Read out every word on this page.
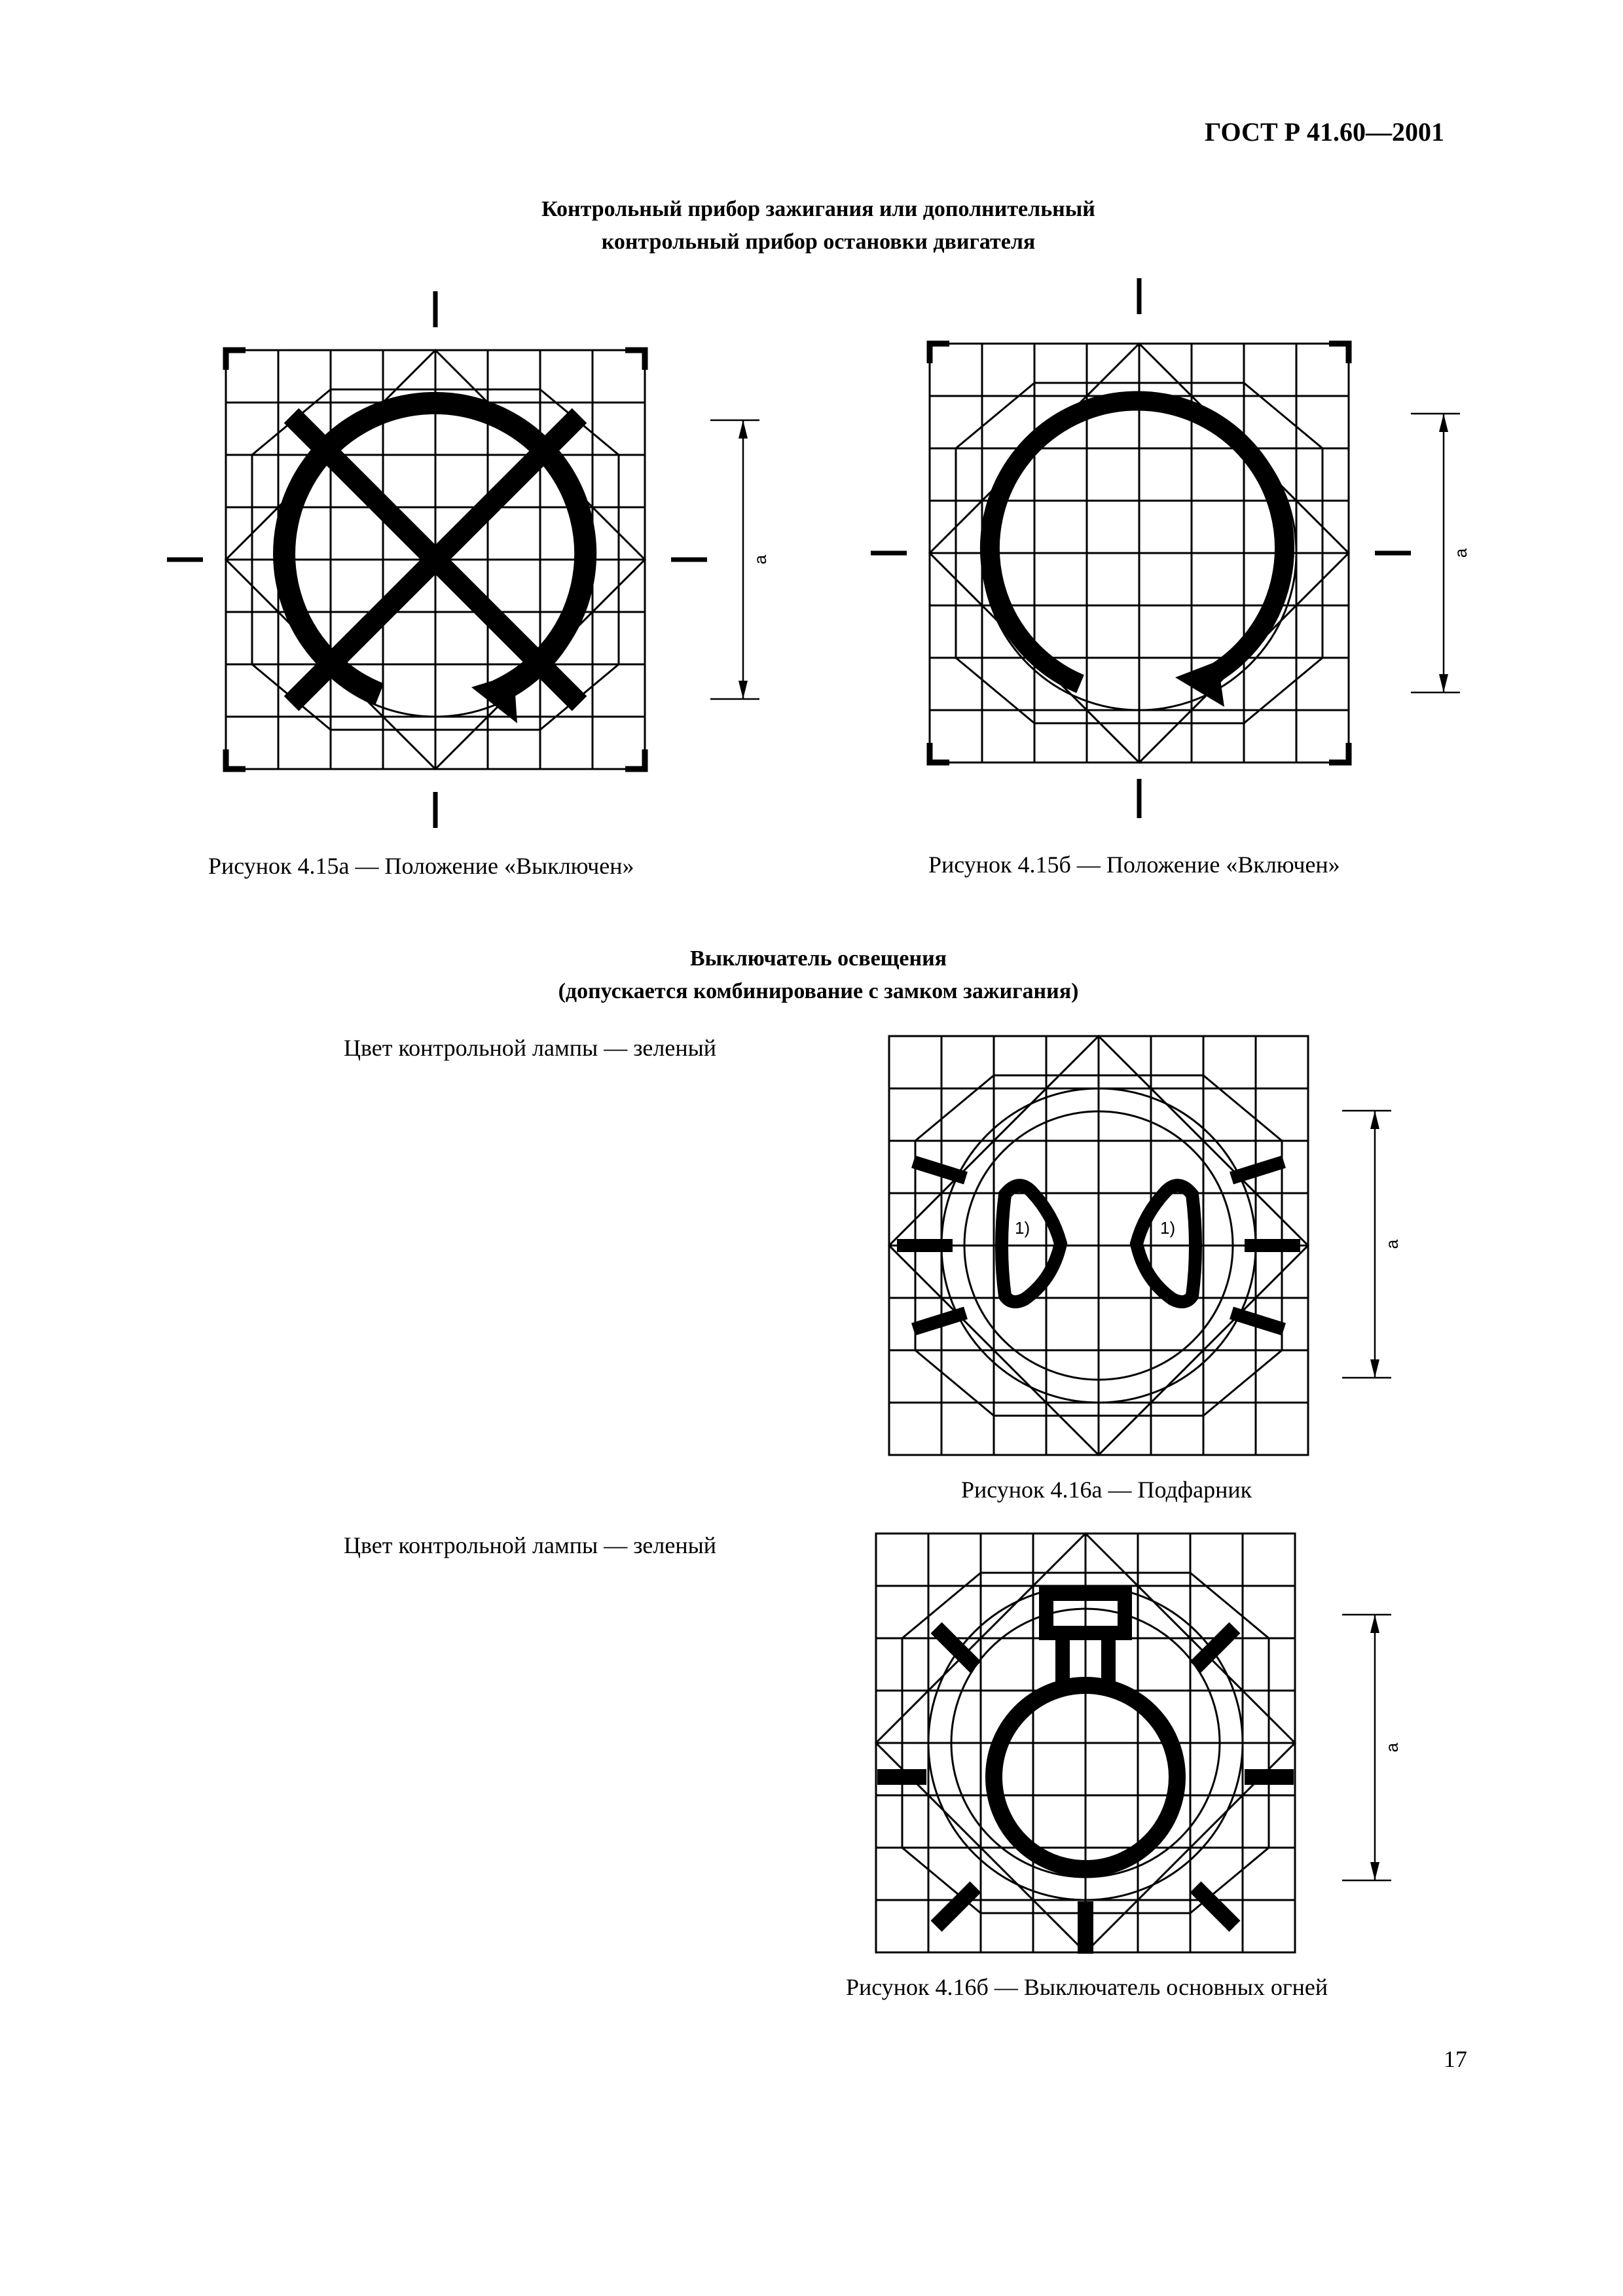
ГОСТ Р 41.60—2001
Контрольный прибор зажигания или дополнительный
контрольный прибор остановки двигателя
a
Рисунок 4.15а — Положение «Выключен»
a
Рисунок 4.15б — Положение «Включен»
Выключатель освещения
(допускается комбинирование с замком зажигания)
Цвет контрольной лампы — зеленый
1)	1)
a
Рисунок 4.16а — Подфарник
Цвет контрольной лампы — зеленый
a
Рисунок 4.16б — Выключатель основных огней
17
